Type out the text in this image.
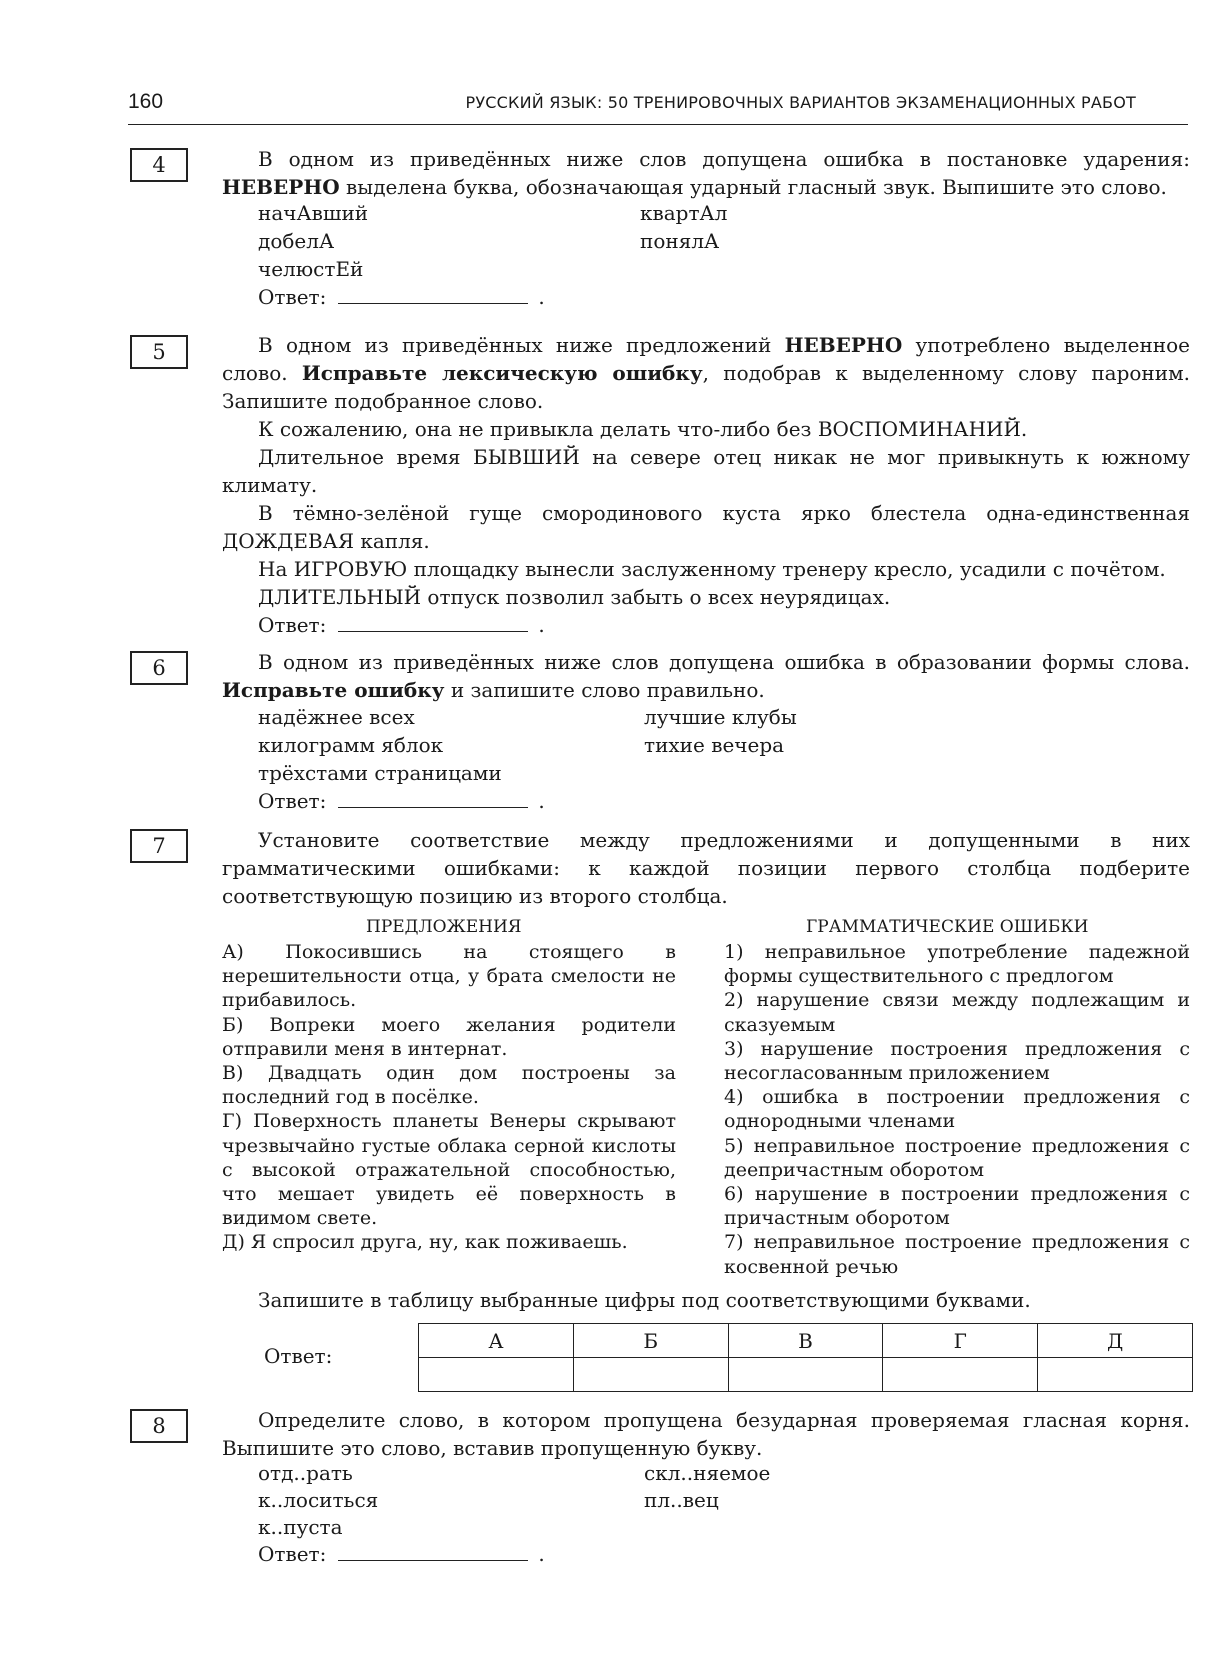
160	РУССКИЙ ЯЗЫК: 50 ТРЕНИРОВОЧНЫХ ВАРИАНТОВ ЭКЗАМЕНАЦИОННЫХ РАБОТ
4	В одном из приведённых ниже слов допущена ошибка в постановке ударения: НЕВЕРНО выделена буква, обозначающая ударный гласный звук. Выпишите это слово.

начАвший	квартАл
добелА	понялА
челюстЕй
Ответ:	.
5	В одном из приведённых ниже предложений НЕВЕРНО употреблено выделенное слово. Исправьте лексическую ошибку, подобрав к выделенному слову пароним. Запишите подобранное слово.

К сожалению, она не привыкла делать что-либо без ВОСПОМИНАНИЙ.

Длительное время БЫВШИЙ на севере отец никак не мог привыкнуть к южному климату.

В тёмно-зелёной гуще смородинового куста ярко блестела одна-единственная ДОЖДЕВАЯ капля.

На ИГРОВУЮ площадку вынесли заслуженному тренеру кресло, усадили с почётом.

ДЛИТЕЛЬНЫЙ отпуск позволил забыть о всех неурядицах.

Ответ:	.

6	В одном из приведённых ниже слов допущена ошибка в образовании формы слова. Исправьте ошибку и запишите слово правильно.

надёжнее всех	лучшие клубы
килограмм яблок	тихие вечера
трёхстами страницами
Ответ:	.
7	Установите соответствие между предложениями и допущенными в них грамматическими ошибками: к каждой позиции первого столбца подберите соответствующую позицию из второго столбца.

ПРЕДЛОЖЕНИЯ	ГРАММАТИЧЕСКИЕ ОШИБКИ

А) Покосившись на стоящего в нерешительности отца, у брата смелости не прибавилось.

Б) Вопреки моего желания родители отправили меня в интернат.

В) Двадцать один дом построены за последний год в посёлке.

Г) Поверхность планеты Венеры скрывают чрезвычайно густые облака серной кислоты с высокой отражательной способностью, что мешает увидеть её поверхность в видимом свете.

Д) Я спросил друга, ну, как поживаешь.

1) неправильное употребление падежной формы существительного с предлогом

2) нарушение связи между подлежащим и сказуемым

3) нарушение построения предложения с несогласованным приложением

4) ошибка в построении предложения с однородными членами

5) неправильное построение предложения с деепричастным оборотом

6) нарушение в построении предложения с причастным оборотом

7) неправильное построение предложения с косвенной речью

Запишите в таблицу выбранные цифры под соответствующими буквами.
Ответ:
А	Б	В	Г	Д

8	Определите слово, в котором пропущена безударная проверяемая гласная корня. Выпишите это слово, вставив пропущенную букву.

отд..рать	скл..няемое
к..лоситься	пл..вец
к..пуста
Ответ:	.
